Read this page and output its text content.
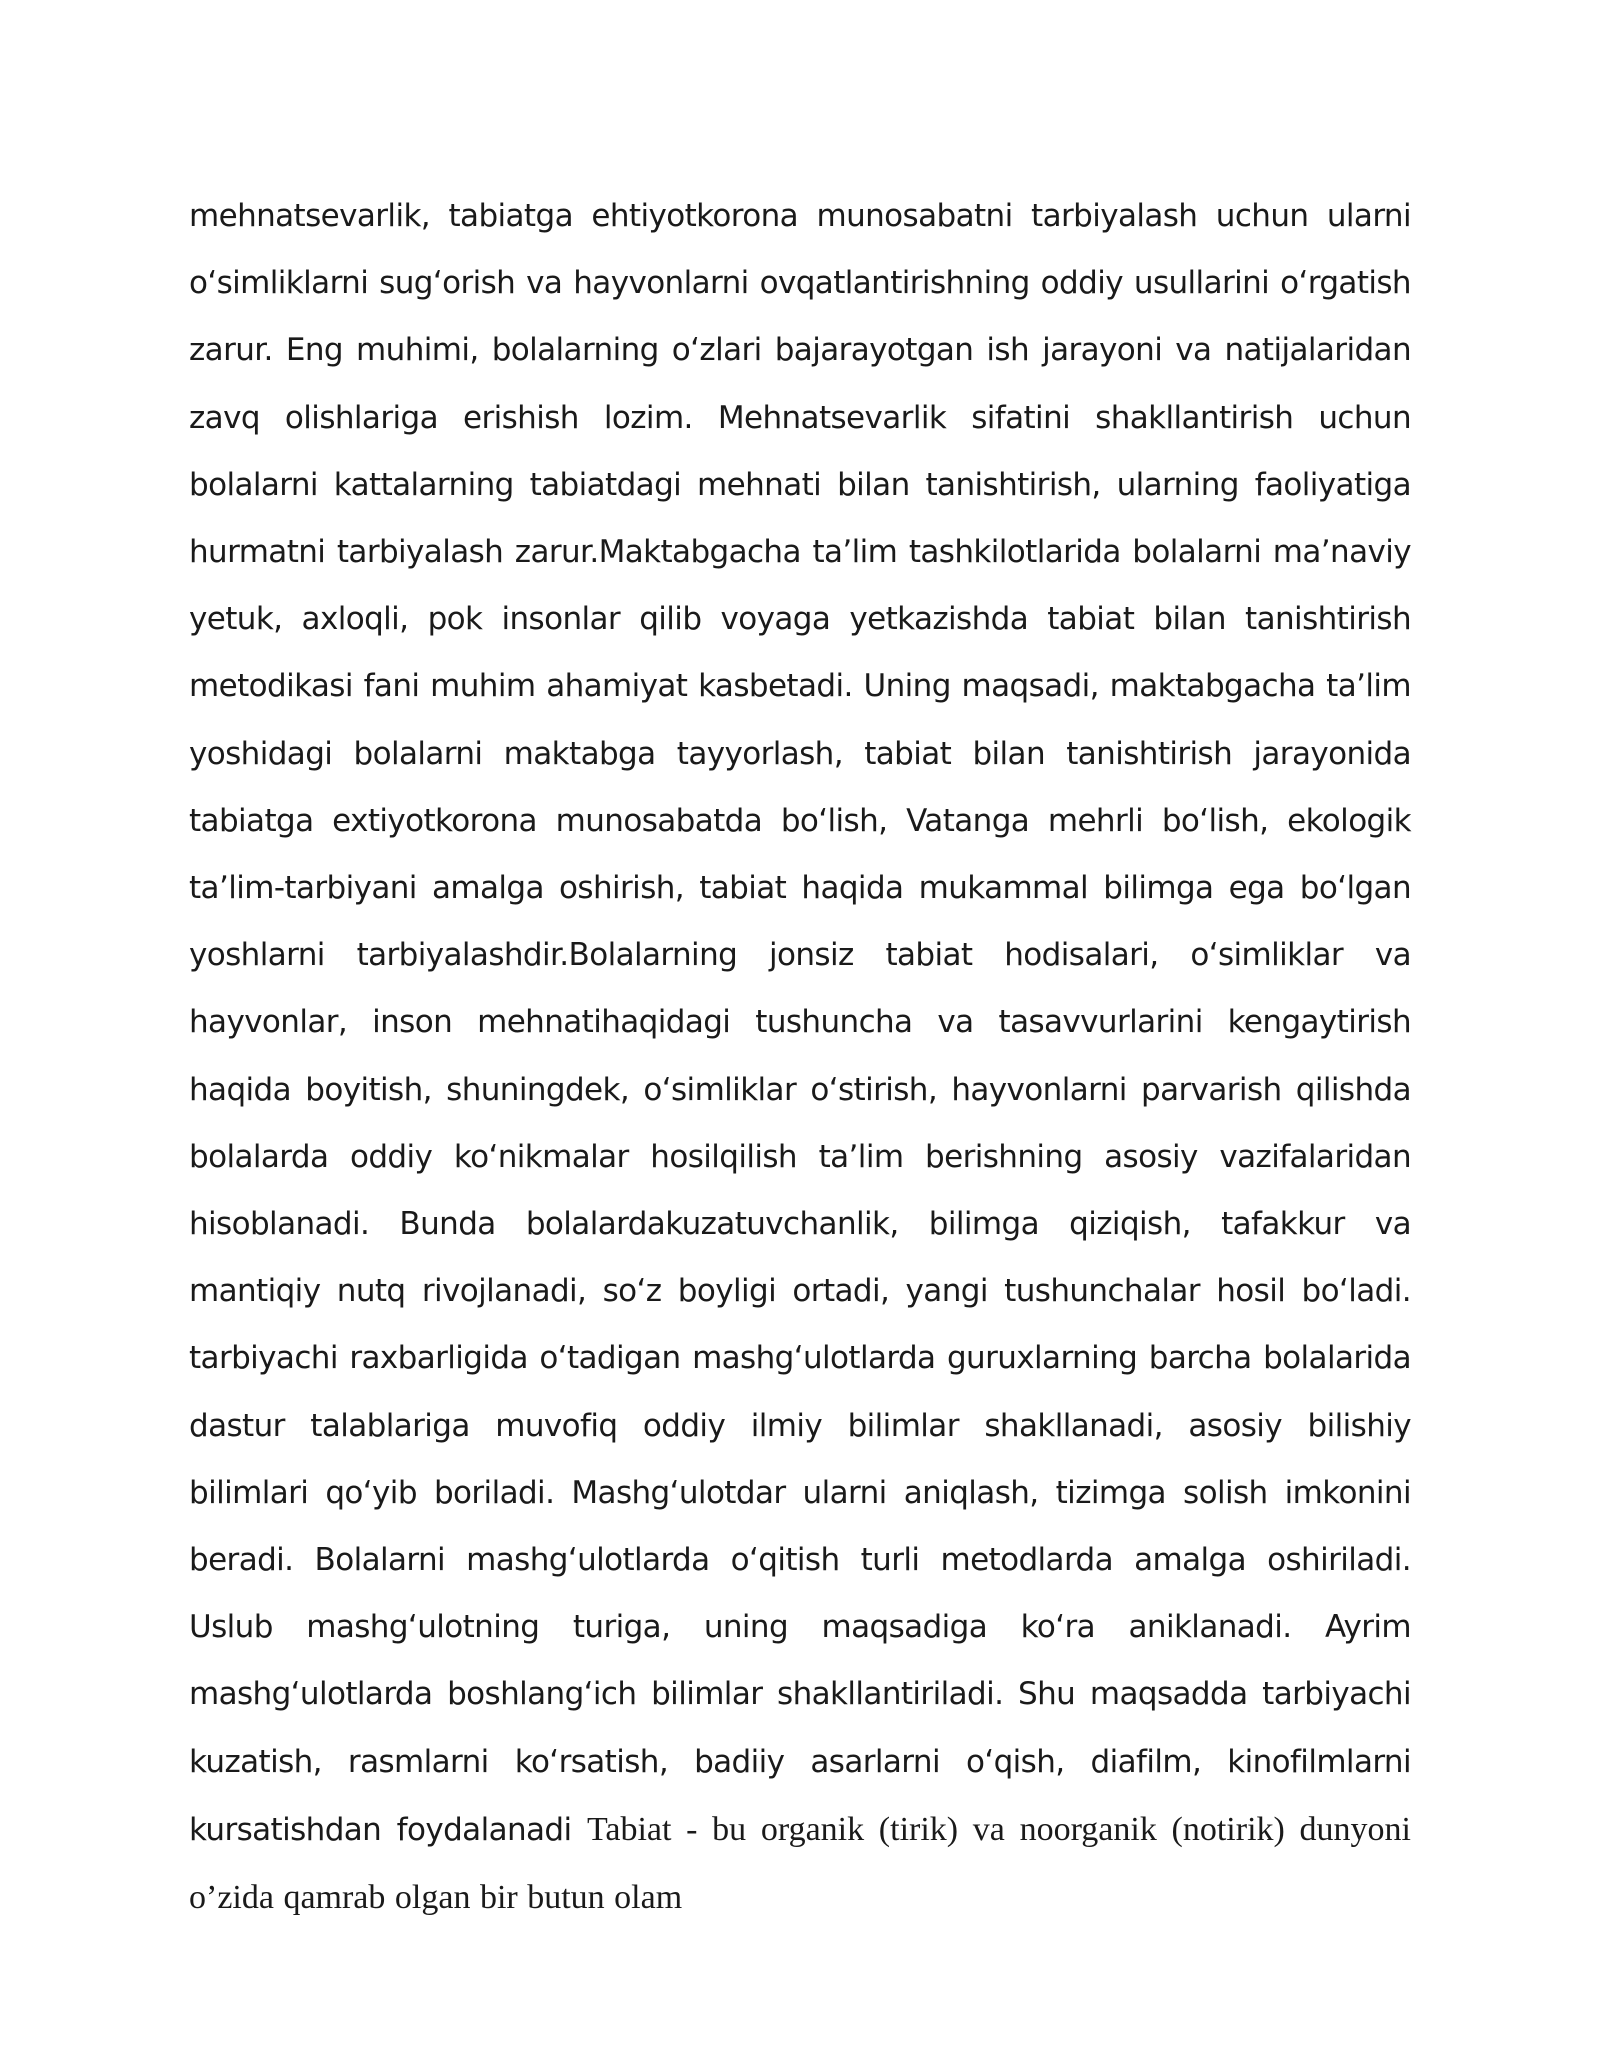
mehnatsevarlik, tabiatga ehtiyotkorona munosabatni tarbiyalash uchun ularni oʻsimliklarni sugʻorish va hayvonlarni ovqatlantirishning oddiy usullarini oʻrgatish zarur. Eng muhimi, bolalarning oʻzlari bajarayotgan ish jarayoni va natijalaridan zavq olishlariga erishish lozim. Mehnatsevarlik sifatini shakllantirish uchun bolalarni kattalarning tabiatdagi mehnati bilan tanishtirish, ularning faoliyatiga hurmatni tarbiyalash zarur.Maktabgacha ta’lim tashkilotlarida bolalarni ma’naviy yetuk, axloqli, pok insonlar qilib voyaga yetkazishda tabiat bilan tanishtirish metodikasi fani muhim ahamiyat kasbetadi. Uning maqsadi, maktabgacha ta’lim yoshidagi bolalarni maktabga tayyorlash, tabiat bilan tanishtirish jarayonida tabiatga extiyotkorona munosabatda boʻlish, Vatanga mehrli boʻlish, ekologik ta’lim-tarbiyani amalga oshirish, tabiat haqida mukammal bilimga ega boʻlgan yoshlarni tarbiyalashdir.Bolalarning jonsiz tabiat hodisalari, oʻsimliklar va hayvonlar, inson mehnatihaqidagi tushuncha va tasavvurlarini kengaytirish haqida boyitish, shuningdek, oʻsimliklar oʻstirish, hayvonlarni parvarish qilishda bolalarda oddiy koʻnikmalar hosilqilish ta’lim berishning asosiy vazifalaridan hisoblanadi. Bunda bolalardakuzatuvchanlik, bilimga qiziqish, tafakkur va mantiqiy nutq rivojlanadi, soʻz boyligi ortadi, yangi tushunchalar hosil boʻladi. tarbiyachi raxbarligida oʻtadigan mashgʻulotlarda guruxlarning barcha bolalarida dastur talablariga muvofiq oddiy ilmiy bilimlar shakllanadi, asosiy bilishiy bilimlari qoʻyib boriladi. Mashgʻulotdar ularni aniqlash, tizimga solish imkonini beradi. Bolalarni mashgʻulotlarda oʻqitish turli metodlarda amalga oshiriladi. Uslub mashgʻulotning turiga, uning maqsadiga koʻra aniklanadi. Ayrim mashgʻulotlarda boshlangʻich bilimlar shakllantiriladi. Shu maqsadda tarbiyachi kuzatish, rasmlarni koʻrsatish, badiiy asarlarni oʻqish, diafilm, kinofilmlarni kursatishdan foydalanadi Tabiat - bu organik (tirik) va noorganik (notirik) dunyoni o’zida qamrab olgan bir butun olam
